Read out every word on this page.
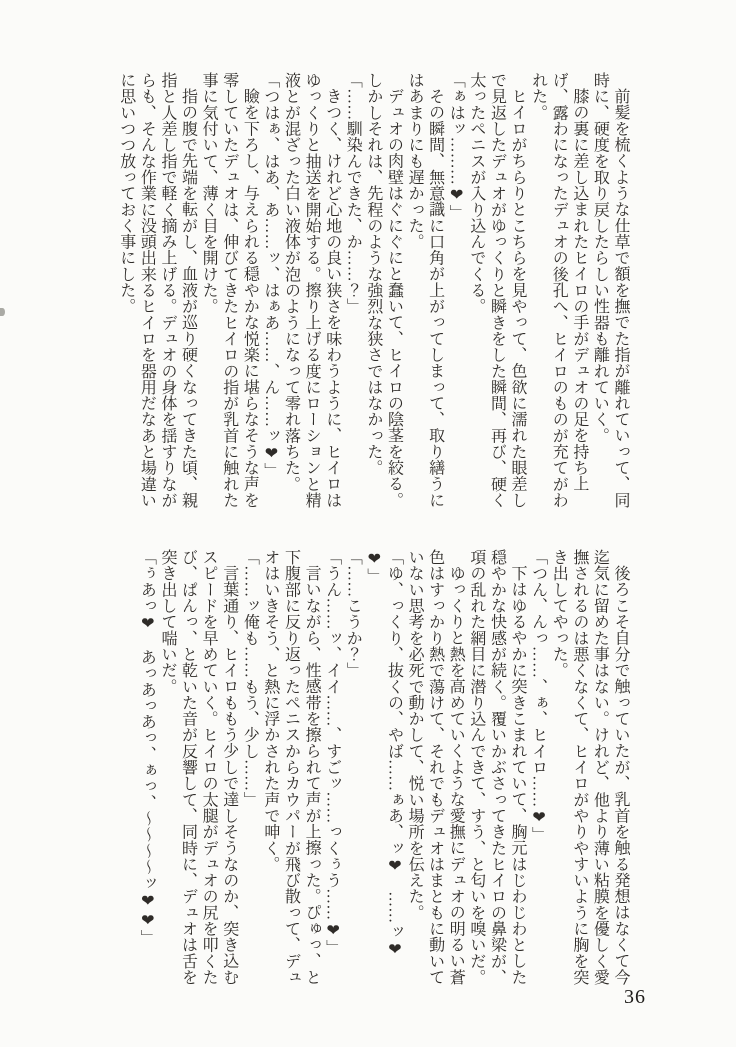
前髪を梳くような仕草で額を撫でた指が離れていって、同時に、硬度を取り戻したらしい性器も離れていく。

膝の裏に差し込まれたヒイロの手がデュオの足を持ち上げ、露わになったデュオの後孔へ、ヒイロのものが充てがわれた。

ヒイロがちらりとこちらを見やって、色欲に濡れた眼差しで見返したデュオがゆっくりと瞬きをした瞬間、再び、硬く太ったペニスが入り込んでくる。

「ぁはッ………❤」

その瞬間、無意識に口角が上がってしまって、取り繕うにはあまりにも遅かった。

デュオの肉壁はぐにぐにと蠢いて、ヒイロの陰茎を絞る。しかしそれは、先程のような強烈な狭さではなかった。

「……馴染んできた、か……？」

きつく、けれど心地の良い狭さを味わうように、ヒイロはゆっくりと抽送を開始する。擦り上げる度にローションと精液とが混ざった白い液体が泡のようになって零れ落ちた。

「つはぁ、はあ、あ……ッ、はぁあ……、ん……ッ❤」

瞼を下ろし、与えられる穏やかな悦楽に堪らなそうな声を零していたデュオは、伸びてきたヒイロの指が乳首に触れた事に気付いて、薄く目を開けた。

指の腹で先端を転がし、血液が巡り硬くなってきた頃、親指と人差し指で軽く摘み上げる。デュオの身体を揺すりながらも、そんな作業に没頭出来るヒイロを器用だなあと場違いに思いつつ放っておく事にした。

後ろこそ自分で触っていたが、乳首を触る発想はなくて今迄気に留めた事はない。けれど、他より薄い粘膜を優しく愛撫されるのは悪くなくて、ヒイロがやりやすいように胸を突き出してやった。

「つん、んっ……、ぁ、ヒイロ……❤」

下はゆるやかに突きこまれていて、胸元はじわじわとした穏やかな快感が続く。覆いかぶさってきたヒイロの鼻梁が、項の乱れた網目に潜り込んできて、すう、と匂いを嗅いだ。

ゆっくりと熱を高めていくような愛撫にデュオの明るい蒼色はすっかり熱で蕩けて、それでもデュオはまともに動いていない思考を必死で動かして、悦い場所を伝えた。

「ゆ、っくり、抜くの、やば……ぁあ、ッ❤　……ッ❤❤」

「……こうか？」

「うん……ッ、イイ……、すごッ……っくぅう……❤」

言いながら、性感帯を擦られて声が上擦った。ぴゅっ、と下腹部に反り返ったペニスからカウパーが飛び散って、デュオはいきそう、と熱に浮かされた声で呻く。

「……ッ俺も……もう、少し……」

言葉通り、ヒイロももう少しで達しそうなのか、突き込むスピードを早めていく。ヒイロの太腿がデュオの尻を叩くたび、ぱんっ、と乾いた音が反響して、同時に、デュオは舌を突き出して喘いだ。

「ぅあっ❤　あっあっあっ、ぁっ、〜〜〜〜ッ❤❤」

36
